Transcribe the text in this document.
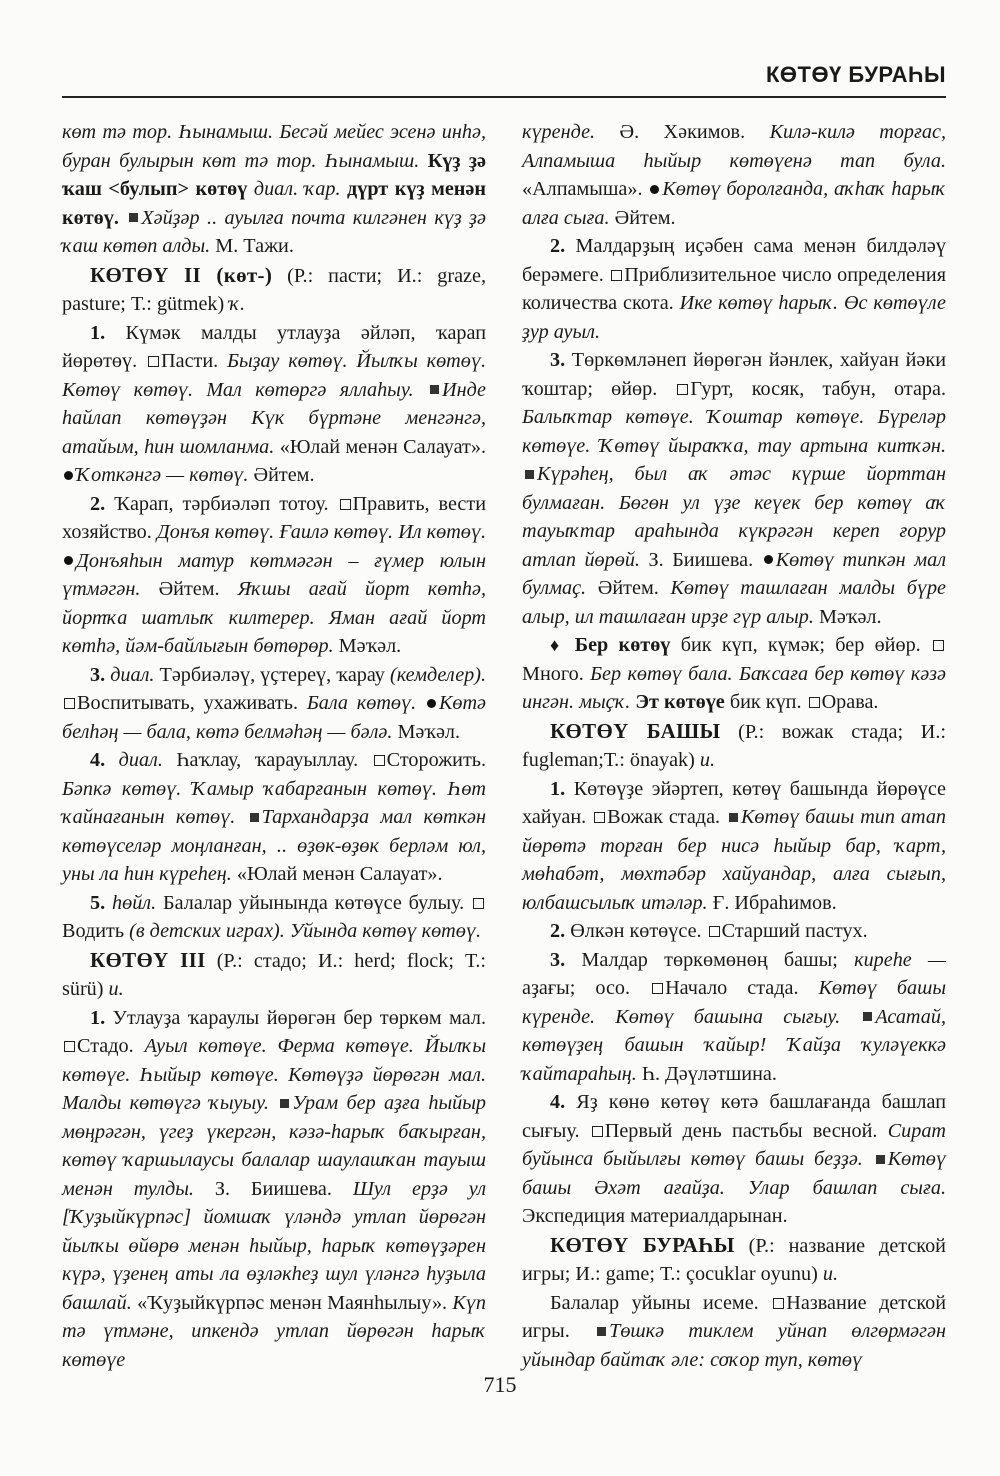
КӨТӨҮ БУРАҺЫ

көт тә тор. Һынамыш. Бесәй мейес эсенә инһә, буран булырын көт тә тор. Һынамыш. Күҙ ҙә ҡаш <булып> көтөү диал. ҡар. дүрт күҙ менән көтөү. Хәйҙәр .. ауылға почта килгәнен күҙ ҙә ҡаш көтөп алды. М. Тажи.

КӨТӨҮ II (көт-) (Р.: пасти; И.: graze, pasture; Т.: gütmek) ҡ.

1. Күмәк малды утлауҙа әйләп, ҡарап йөрөтөү. Пасти. Быҙау көтөү. Йылҡы көтөү. Көтөү көтөү. Мал көтөргә яллаһыу. Инде һайлап көтөүҙән Күк бүртәне менгәнгә, атайым, һин шомланма. «Юлай менән Салауат». Ҡоткәнгә — көтөү. Әйтем.

2. Ҡарап, тәрбиәләп тотоу. Править, вести хозяйство. Донъя көтөү. Ғаилә көтөү. Ил көтөү. Донъяһын матур көтмәгән – ғүмер юлын үтмәгән. Әйтем. Яҡшы ағай йорт көтһә, йортҡа шатлыҡ килтерер. Яман ағай йорт көтһә, йәм-байлығын бөтөрөр. Мәҡәл.

3. диал. Тәрбиәләү, үҫтереү, ҡарау (кемделер). Воспитывать, ухаживать. Бала көтөү. Көтә белһәң — бала, көтә белмәһәң — бәлә. Мәҡәл.

4. диал. Һаҡлау, ҡарауыллау. Сторожить. Бәпкә көтөү. Ҡамыр ҡабарғанын көтөү. Һөт ҡайнағанын көтөү. Тархандарҙа мал көткән көтөүселәр моңланған, .. өҙөк-өҙөк берләм юл, уны ла һин күреһең. «Юлай менән Салауат».

5. һөйл. Балалар уйынында көтөүсе булыу. Водить (в детских играх). Уйында көтөү көтөү.

КӨТӨҮ III (Р.: стадо; И.: herd; flock; Т.: sürü) и.

1. Утлауҙа ҡараулы йөрөгән бер төркөм мал. Стадо. Ауыл көтөүе. Ферма көтөүе. Йылҡы көтөүе. Һыйыр көтөүе. Көтөүҙә йөрөгән мал. Малды көтөүгә ҡыуыу. Урам бер аҙға һыйыр мөңрәгән, үгеҙ үкергән, кәзә-һарыҡ баҡырған, көтөү ҡаршылаусы балалар шаулашҡан тауыш менән тулды. З. Биишева. Шул ерҙә ул [Ҡуҙыйкүрпәс] йомшаҡ үләндә утлап йөрөгән йылҡы өйөрө менән һыйыр, һарыҡ көтөүҙәрен күрә, үҙенең аты ла өҙләкһеҙ шул үләнгә һуҙыла башлай. «Ҡуҙыйкүрпәс менән Маянһылыу». Күп тә үтмәне, ипкендә утлап йөрөгән һарыҡ көтөүе

күренде. Ә. Хәкимов. Килә-килә торғас, Алпамыша һыйыр көтөүенә тап була. «Алпамыша». Көтөү боролғанда, аҡһаҡ һарыҡ алға сыға. Әйтем.

2. Малдарҙың иҫәбен сама менән билдәләү берәмеге. Приблизительное число определения количества скота. Ике көтөү һарыҡ. Өс көтөүле ҙур ауыл.

3. Төркөмләнеп йөрөгән йәнлек, хайуан йәки ҡоштар; өйөр. Гурт, косяк, табун, отара. Балыҡтар көтөүе. Ҡоштар көтөүе. Бүреләр көтөүе. Ҡөтөү йыраҡҡа, тау артына китҡән. Күрәһең, был аҡ әтәс күрше йорттан булмаған. Бөгөн ул үҙе кеүек бер көтөү аҡ тауыҡтар араһында күкрәгән кереп ғорур атлап йөрөй. З. Биишева. Көтөү типкән мал булмаҫ. Әйтем. Көтөү ташлаған малды бүре алыр, ил ташлаған ирҙе гүр алыр. Мәҡәл.

♦ Бер көтөү бик күп, күмәк; бер өйөр. Много. Бер көтөү бала. Баҡсаға бер көтөү кәзә ингән. мыҫҡ. Эт көтөүе бик күп. Орава.

КӨТӨҮ БАШЫ (Р.: вожак стада; И.: fugleman;Т.: önayak) и.

1. Көтөүҙе эйәртеп, көтөү башында йөрөүсе хайуан. Вожак стада. Көтөү башы тип атап йөрөтә торған бер нисә һыйыр бар, ҡарт, мөһабәт, мөхтәбәр хайуандар, алға сығып, юлбашсылыҡ итәләр. Ғ. Ибраһимов.

2. Өлкән көтөүсе. Старший пастух.

3. Малдар төркөмөнөң башы; киреһе — аҙағы; осо. Начало стада. Көтөү башы күренде. Көтөү башына сығыу. Асатай, көтөүҙең башын ҡайыр! Ҡайҙа ҡуләүеккә ҡайтараһың. Һ. Дәүләтшина.

4. Яҙ көнө көтөү көтә башлағанда башлап сығыу. Первый день пастьбы весной. Сират буйынса быйылғы көтөү башы беҙҙә. Көтөү башы Әхәт ағайҙа. Улар башлап сыға. Экспедиция материалдарынан.

КӨТӨҮ БУРАҺЫ (Р.: название детской игры; И.: game; Т.: çocuklar oyunu) и.

Балалар уйыны исеме. Название детской игры. Төшкә тиклем уйнап өлгөрмәгән уйындар байтаҡ әле: соҡор туп, көтөү

715
